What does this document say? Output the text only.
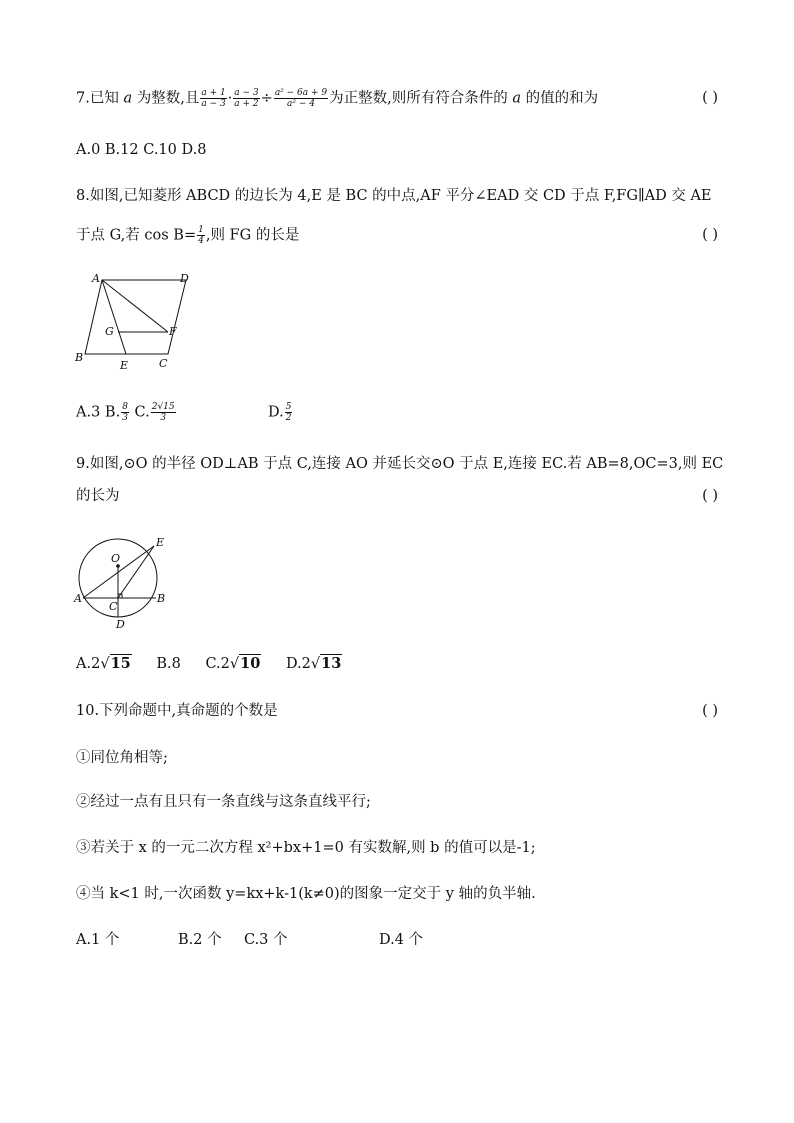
7.已知 a 为整数,且 $\frac{a + 1}{a - 3} \cdot \frac{a - 3}{a + 2} \div \frac{\text{a² − 6a + 9}}{\text{a² − 4}}$ 为正整数,则所有符合条件的 a 的值的和为	( )
A.0 B.12 C.10 D.8
8.如图,已知菱形 ABCD 的边长为 4,E 是 BC 的中点,AF 平分∠EAD 交 CD 于点 F,FG∥AD 交 AE
于点 G,若 $\cos B= \frac{1}{4}$ ,则 FG 的长是	( )
A	D
G	F
B
E	C
A.3 B. $\frac{8}{3} C$. $\frac{2√15}{3}$	D. $\frac{5}{2}$
9.如图,⊙O 的半径 OD⊥AB 于点 C,连接 AO 并延长交⊙O 于点 E,连接 EC.若 AB=8,OC=3,则 EC
的长为	( )
O
E
A
C
B
D
A.2√15 B.8 C.2√10 D.2√13
10.下列命题中,真命题的个数是	( )
①同位角相等;
②经过一点有且只有一条直线与这条直线平行;
③若关于 x 的一元二次方程 x²+bx+1=0 有实数解,则 b 的值可以是-1;
④当 k<1 时,一次函数 y=kx+k-1(k≠0)的图象一定交于 y 轴的负半轴.
A.1 个	B.2 个 C.3 个	D.4 个
